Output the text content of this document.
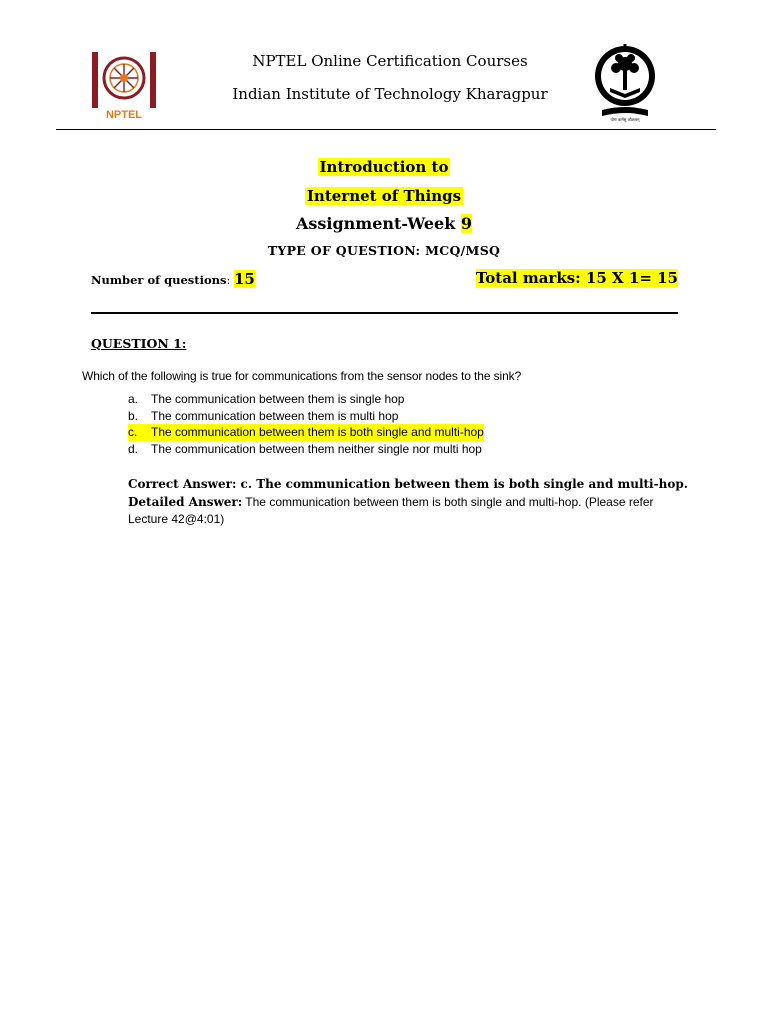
NPTEL
NPTEL Online Certification Courses
Indian Institute of Technology Kharagpur
योगः कर्मसु कौशलम्
Introduction to
Internet of Things
Assignment-Week 9
TYPE OF QUESTION: MCQ/MSQ
Number of questions: 15	Total marks: 15 X 1= 15
QUESTION 1:
Which of the following is true for communications from the sensor nodes to the sink?
a. The communication between them is single hop
b. The communication between them is multi hop
c. The communication between them is both single and multi-hop
d. The communication between them neither single nor multi hop
Correct Answer: c. The communication between them is both single and multi-hop.
Detailed Answer: The communication between them is both single and multi-hop. (Please refer Lecture 42@4:01)
